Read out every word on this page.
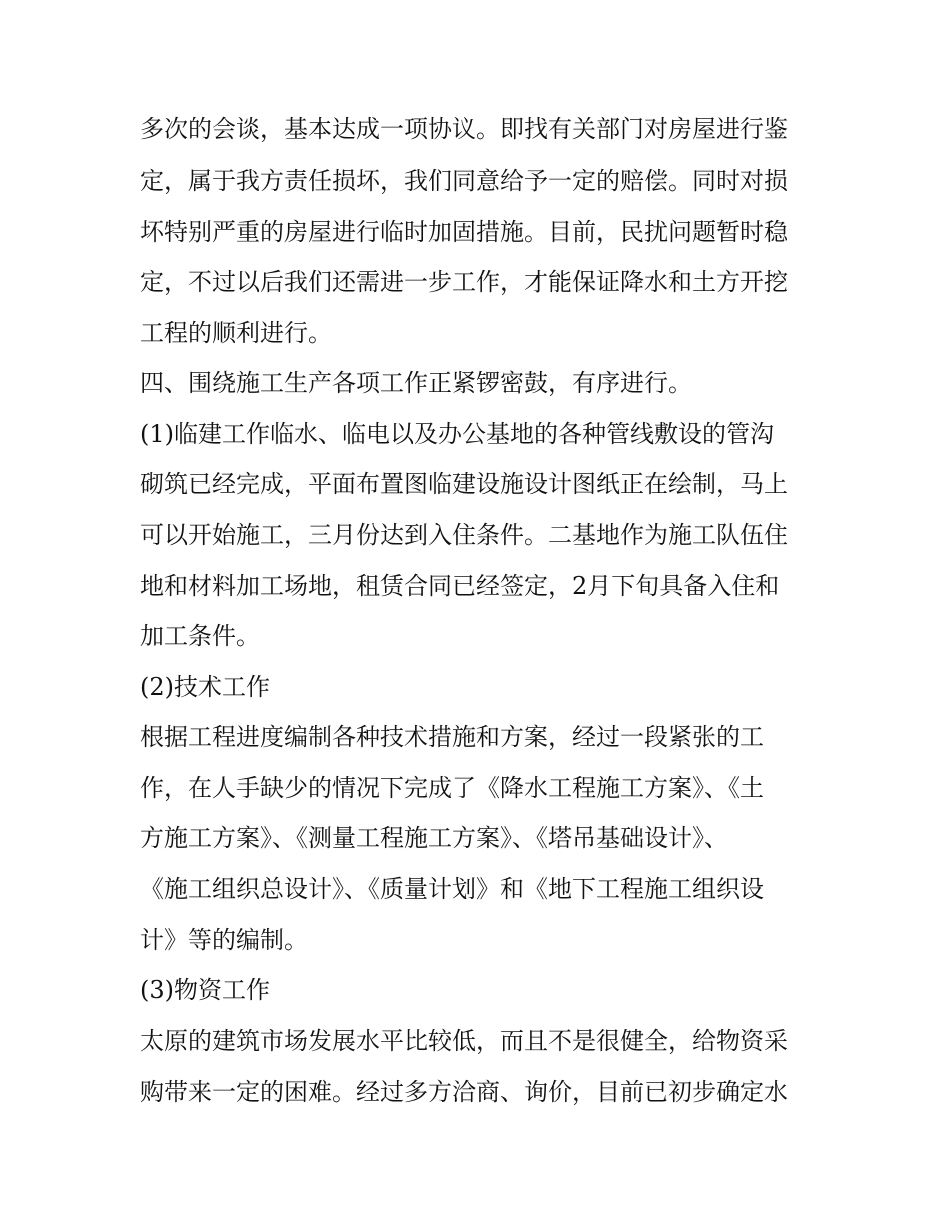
多次的会谈，基本达成一项协议。即找有关部门对房屋进行鉴
定，属于我方责任损坏，我们同意给予一定的赔偿。同时对损
坏特别严重的房屋进行临时加固措施。目前，民扰问题暂时稳
定，不过以后我们还需进一步工作，才能保证降水和土方开挖
工程的顺利进行。
四、围绕施工生产各项工作正紧锣密鼓，有序进行。
(1)临建工作临水、临电以及办公基地的各种管线敷设的管沟
砌筑已经完成，平面布置图临建设施设计图纸正在绘制，马上
可以开始施工，三月份达到入住条件。二基地作为施工队伍住
地和材料加工场地，租赁合同已经签定，2月下旬具备入住和
加工条件。
(2)技术工作
根据工程进度编制各种技术措施和方案，经过一段紧张的工
作，在人手缺少的情况下完成了《降水工程施工方案》、《土
方施工方案》、《测量工程施工方案》、《塔吊基础设计》、
《施工组织总设计》、《质量计划》和《地下工程施工组织设
计》等的编制。
(3)物资工作
太原的建筑市场发展水平比较低，而且不是很健全，给物资采
购带来一定的困难。经过多方洽商、询价，目前已初步确定水
